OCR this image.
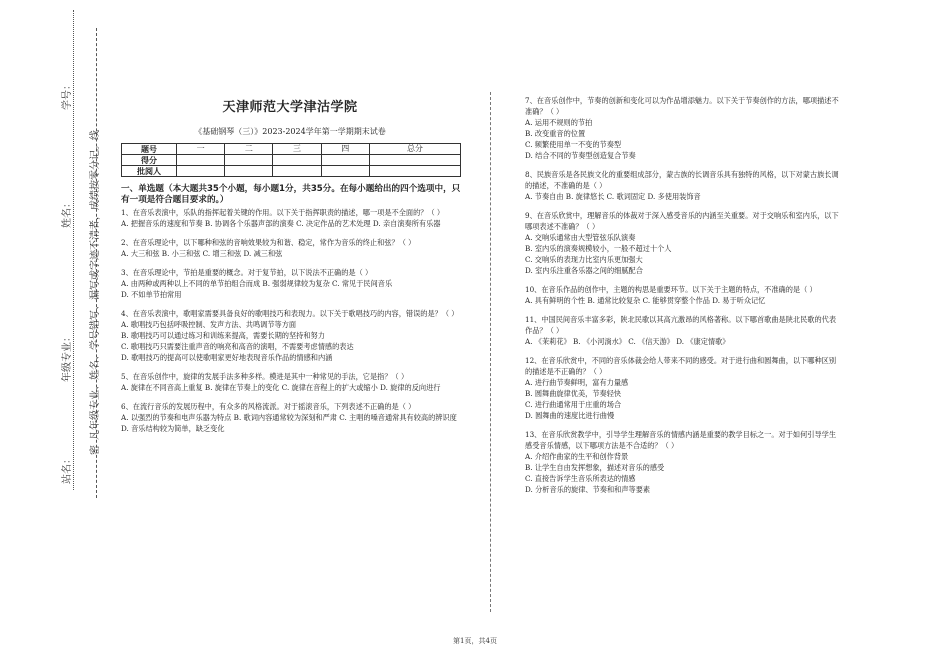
学号：
姓名：
年级专业：
站名：
线
凡年级专业、姓名、学号错写、漏写或字迹不清者，成绩按零分记。
密
天津师范大学津沽学院
《基础钢琴（三）》2023-2024学年第一学期期末试卷
题号	一	二	三	四	总分
得分					
批阅人					
一、单选题（本大题共35个小题，每小题1分，共35分。在每小题给出的四个选项中，只有一项是符合题目要求的。）
1、在音乐表演中，乐队的指挥起着关键的作用。以下关于指挥职责的描述，哪一项是不全面的？（ ）
A. 把握音乐的速度和节奏 B. 协调各个乐器声部的演奏 C. 决定作品的艺术处理 D. 亲自演奏所有乐器
2、在音乐理论中，以下哪种和弦的音响效果较为和谐、稳定，常作为音乐的终止和弦？（ ）
A. 大三和弦 B. 小三和弦 C. 增三和弦 D. 减三和弦
3、在音乐理论中，节拍是重要的概念。对于复节拍，以下说法不正确的是（ ）
A. 由两种或两种以上不同的单节拍组合而成 B. 强弱规律较为复杂 C. 常见于民间音乐
D. 不如单节拍常用
4、在音乐表演中，歌唱家需要具备良好的歌唱技巧和表现力。以下关于歌唱技巧的内容，错误的是？（ ）
A. 歌唱技巧包括呼吸控制、发声方法、共鸣调节等方面
B. 歌唱技巧可以通过练习和训练来提高，需要长期的坚持和努力
C. 歌唱技巧只需要注重声音的响亮和高音的演唱，不需要考虑情感的表达
D. 歌唱技巧的提高可以使歌唱家更好地表现音乐作品的情感和内涵
5、在音乐创作中，旋律的发展手法多种多样。模进是其中一种常见的手法，它是指？（ ）
A. 旋律在不同音高上重复 B. 旋律在节奏上的变化 C. 旋律在音程上的扩大或缩小 D. 旋律的反向进行
6、在流行音乐的发展历程中，有众多的风格流派。对于摇滚音乐，下列表述不正确的是（ ）
A. 以强烈的节奏和电声乐器为特点 B. 歌词内容通常较为深刻和严肃 C. 主唱的嗓音通常具有较高的辨识度 D. 音乐结构较为简单，缺乏变化
7、在音乐创作中，节奏的创新和变化可以为作品增添魅力。以下关于节奏创作的方法，哪项描述不准确？（ ）
A. 运用不规则的节拍
B. 改变重音的位置
C. 频繁使用单一不变的节奏型
D. 结合不同的节奏型创造复合节奏
8、民族音乐是各民族文化的重要组成部分，蒙古族的长调音乐具有独特的风格，以下对蒙古族长调的描述，不准确的是（ ）
A. 节奏自由 B. 旋律悠长 C. 歌词固定 D. 多使用装饰音
9、在音乐欣赏中，理解音乐的体裁对于深入感受音乐的内涵至关重要。对于交响乐和室内乐，以下哪项表述不准确？（ ）
A. 交响乐通常由大型管弦乐队演奏
B. 室内乐的演奏规模较小，一般不超过十个人
C. 交响乐的表现力比室内乐更加强大
D. 室内乐注重各乐器之间的细腻配合
10、在音乐作品的创作中，主题的构思是重要环节。以下关于主题的特点，不准确的是（ ）
A. 具有鲜明的个性 B. 通常比较复杂 C. 能够贯穿整个作品 D. 易于听众记忆
11、中国民间音乐丰富多彩，陕北民歌以其高亢激昂的风格著称。以下哪首歌曲是陕北民歌的代表作品？（ ）
A. 《茉莉花》 B. 《小河淌水》 C. 《信天游》 D. 《康定情歌》
12、在音乐欣赏中，不同的音乐体裁会给人带来不同的感受。对于进行曲和圆舞曲，以下哪种区别的描述是不正确的？（ ）
A. 进行曲节奏鲜明，富有力量感
B. 圆舞曲旋律优美，节奏轻快
C. 进行曲通常用于庄重的场合
D. 圆舞曲的速度比进行曲慢
13、在音乐欣赏教学中，引导学生理解音乐的情感内涵是重要的教学目标之一。对于如何引导学生感受音乐情感，以下哪项方法是不合适的？（ ）
A. 介绍作曲家的生平和创作背景
B. 让学生自由发挥想象，描述对音乐的感受
C. 直接告诉学生音乐所表达的情感
D. 分析音乐的旋律、节奏和和声等要素
第1页，共4页
